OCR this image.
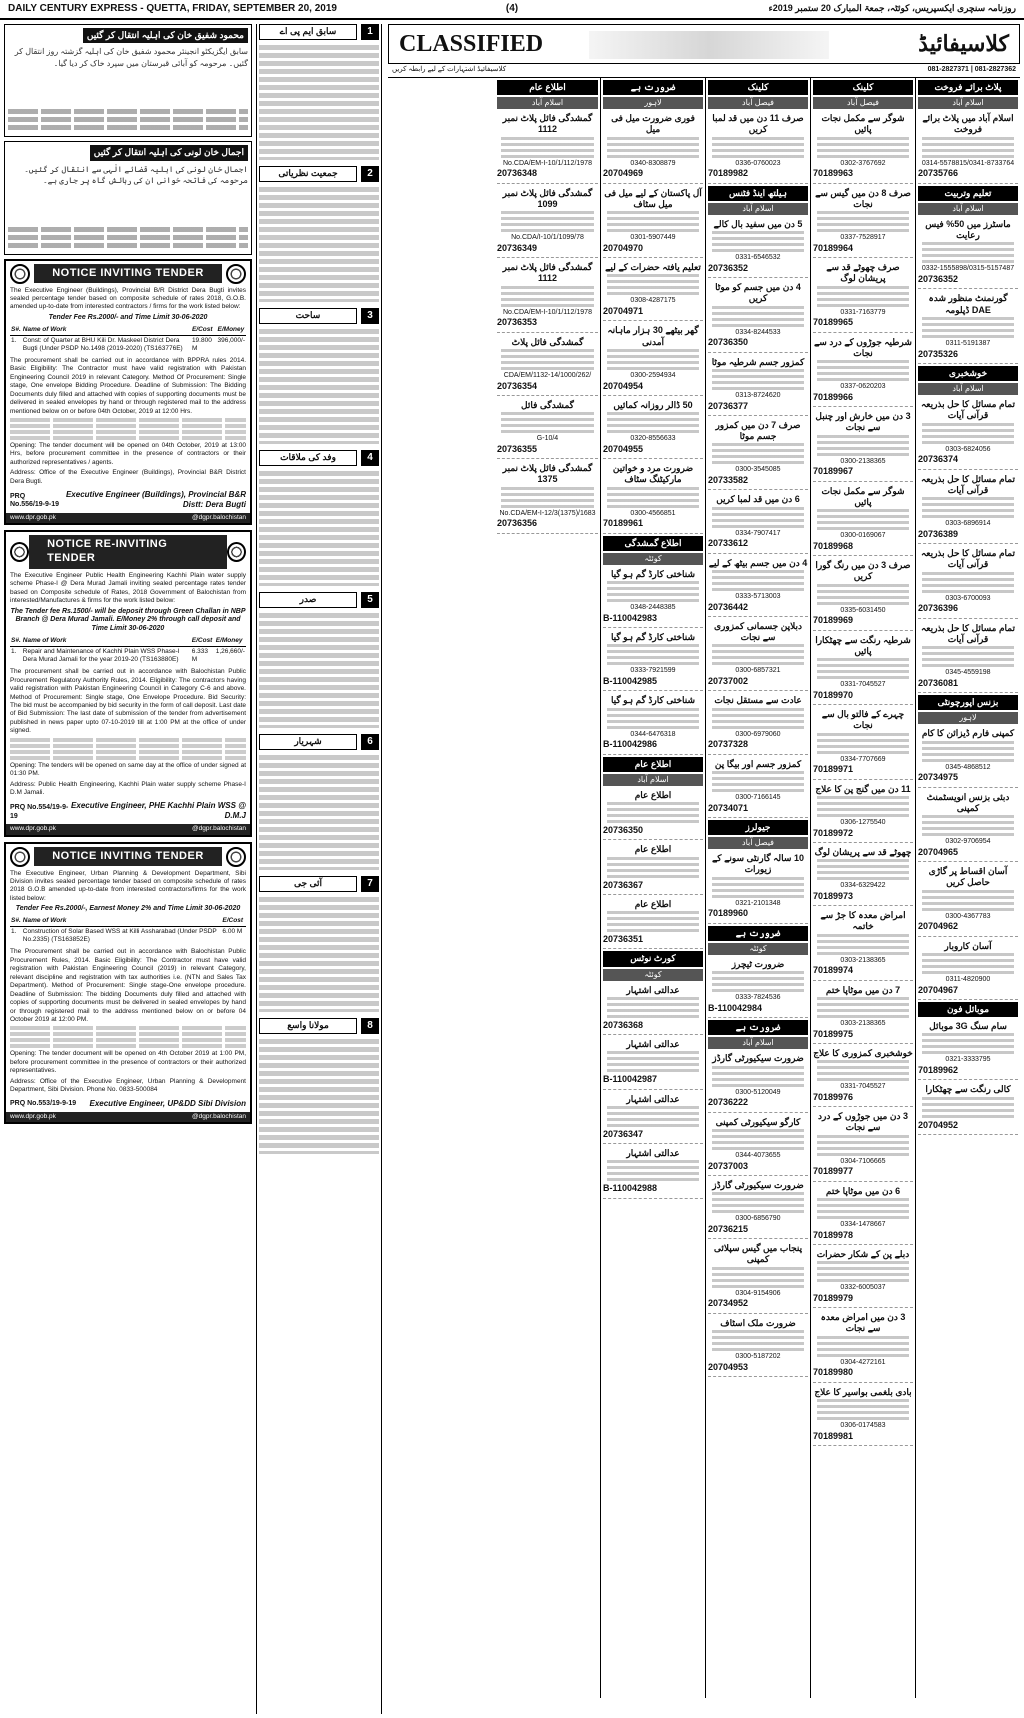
DAILY CENTURY EXPRESS - QUETTA, FRIDAY, SEPTEMBER 20, 2019	(4)	روزنامہ سنچری ایکسپریس، کوئٹہ، جمعۃ المبارک 20 ستمبر 2019ء
محمود شفیق خان کی اہلیہ انتقال کر گئیں
سابق ایگزیکٹو انجینئر محمود شفیق خان کی اہلیہ گزشتہ روز انتقال کر گئیں۔ مرحومہ کو آبائی قبرستان میں سپرد خاک کر دیا گیا۔
اجمال خان لونی کی اہلیہ انتقال کر گئیں
اجمال خان لونی کی اہلیہ قضائے الٰہی سے انتقال کر گئیں۔ مرحومہ کی فاتحہ خوانی ان کی رہائش گاہ پر جاری ہے۔
NOTICE INVITING TENDER

The Executive Engineer (Buildings), Provincial B/R District Dera Bugti invites sealed percentage tender based on composite schedule of rates 2018, G.O.B. amended up-to-date from interested contractors / firms for the work listed below:

Tender Fee Rs.2000/- and Time Limit 30-06-2020
S#.	Name of Work	E/Cost	E/Money
1.	Const: of Quarter at BHU Kili Dr. Maskeel District Dera Bugti (Under PSDP No.1498 (2019-2020) (TS163776E)	19.800 M	396,000/-

The procurement shall be carried out in accordance with BPPRA rules 2014. Basic Eligibility: The Contractor must have valid registration with Pakistan Engineering Council 2019 in relevant Category. Method Of Procurement: Single stage, One envelope Bidding Procedure. Deadline of Submission: The Bidding Documents duly filled and attached with copies of supporting documents must be delivered in sealed envelopes by hand or through registered mail to the address mentioned below on or before 04th October, 2019 at 12:00 Hrs.

Opening: The tender document will be opened on 04th October, 2019 at 13:00 Hrs, before procurement committee in the presence of contractors or their authorized representatives / agents.

Address: Office of the Executive Engineer (Buildings), Provincial B&R District Dera Bugti.

PRQ No.556/19-9-19
Executive Engineer (Buildings), Provincial B&R Distt: Dera Bugti
www.dpr.gob.pk	@dgpr.balochistan
NOTICE RE-INVITING TENDER

The Executive Engineer Public Health Engineering Kachhi Plain water supply scheme Phase-I @ Dera Murad Jamali inviting sealed percentage rates tender based on Composite schedule of Rates, 2018 Government of Balochistan from interested/Manufactures & firms for the work listed below:

The Tender fee Rs.1500/- will be deposit through Green Challan in NBP Branch @ Dera Murad Jamali. E/Money 2% through call deposit and Time Limit 30-06-2020
S#.	Name of Work	E/Cost	E/Money
1.	Repair and Maintenance of Kachhi Plain WSS Phase-I Dera Murad Jamali for the year 2019-20 (TS163880E)	6.333 M	1,26,660/-

The procurement shall be carried out in accordance with Balochistan Public Procurement Regulatory Authority Rules, 2014. Eligibility: The contractors having valid registration with Pakistan Engineering Council in Category C-6 and above. Method of Procurement: Single stage, One Envelope Procedure. Bid Security: The bid must be accompanied by bid security in the form of call deposit. Last date of Bid Submission: The last date of submission of the tender from advertisement published in news paper upto 07-10-2019 till at 1:00 PM at the office of under signed.

Opening: The tenders will be opened on same day at the office of under signed at 01:30 PM.

Address: Public Health Engineering, Kachhi Plain water supply scheme Phase-I D.M Jamali.

PRQ No.554/19-9-19
Executive Engineer, PHE Kachhi Plain WSS @ D.M.J
www.dpr.gob.pk	@dgpr.balochistan
NOTICE INVITING TENDER

The Executive Engineer, Urban Planning & Development Department, Sibi Division invites sealed percentage tender based on composite schedule of rates 2018 G.O.B amended up-to-date from interested contractors/firms for the work listed below:

Tender Fee Rs.2000/-, Earnest Money 2% and Time Limit 30-06-2020
S#.	Name of Work	E/Cost	
1.	Construction of Solar Based WSS at Killi Assharabad (Under PSDP No.2335) (TS163852E)	6.00 M	

The Procurement shall be carried out in accordance with Balochistan Public Procurement Rules, 2014. Basic Eligibility: The Contractor must have valid registration with Pakistan Engineering Council (2019) in relevant Category, relevant discipline and registration with tax authorities i.e. (NTN and Sales Tax Department). Method of Procurement: Single stage-One envelope procedure. Deadline of Submission: The bidding Documents duly filled and attached with copies of supporting documents must be delivered in sealed envelopes by hand or through registered mail to the address mentioned below on or before 04 October 2019 at 12:00 PM.

Opening: The tender document will be opened on 4th October 2019 at 1:00 PM, before procurement committee in the presence of contractors or their authorized representatives.

Address: Office of the Executive Engineer, Urban Planning & Development Department, Sibi Division. Phone No. 0833-500084

PRQ No.553/19-9-19 Executive Engineer, UP&DD Sibi Division
www.dpr.gob.pk	@dgpr.balochistan
1
سابق ایم پی اے
2
جمعیت نظریاتی
3
ساحت
4
وفد کی ملاقات
5
صدر
6
شہریار
7
آئی جی
8
مولانا واسع
CLASSIFIED	کلاسیفائیڈ
081-2827371 | 081-2827362
کلاسیفائیڈ اشتہارات کے لیے رابطہ کریں
پلاٹ برائے فروخت
اسلام آباد
اسلام آباد میں پلاٹ برائے فروخت
0314-5578815/0341-8733764
20735766
تعلیم وتربیت
اسلام آباد
ماسٹرز میں 50% فیس رعایت
0332-1555898/0315-5157487
20736352
گورنمنٹ منظور شدہ DAE ڈپلومہ
0311-5191387
20735326
خوشخبری
اسلام آباد
تمام مسائل کا حل بذریعہ قرآنی آیات
0303-6824056
20736374
تمام مسائل کا حل بذریعہ قرآنی آیات
0303-6896914
20736389
تمام مسائل کا حل بذریعہ قرآنی آیات
0303-6700093
20736396
تمام مسائل کا حل بذریعہ قرآنی آیات
0345-4559198
20736081
بزنس اپورچونٹی
لاہور
کمپنی فارم ڈیزائن کا کام
0345-4868512
20734975
دبئی بزنس انویسٹمنٹ کمپنی
0302-9706954
20704965
آسان اقساط پر گاڑی حاصل کریں
0300-4367783
20704962
آسان کاروبار
0311-4820900
20704967
موبائل فون
سام سنگ 3G موبائل
0321-3333795
70189962
کالی رنگت سے چھٹکارا
20704952
کلینک
فیصل آباد
شوگر سے مکمل نجات پائیں
0302-3767692
70189963
صرف 8 دن میں گیس سے نجات
0337-7528917
70189964
صرف چھوٹے قد سے پریشان لوگ
0331-7163779
70189965
شرطیہ جوڑوں کے درد سے نجات
0337-0620203
70189966
3 دن میں خارش اور چنبل سے نجات
0300-2138365
70189967
شوگر سے مکمل نجات پائیں
0300-0169067
70189968
صرف 3 دن میں رنگ گورا کریں
0335-6031450
70189969
شرطیہ رنگت سے چھٹکارا پائیں
0331-7045527
70189970
چہرے کے فالتو بال سے نجات
0334-7707669
70189971
11 دن میں گنج پن کا علاج
0306-1275540
70189972
چھوٹے قد سے پریشان لوگ
0334-6329422
70189973
امراض معدہ کا جڑ سے خاتمہ
0303-2138365
70189974
7 دن میں موٹاپا ختم
0303-2138365
70189975
خوشخبری کمزوری کا علاج
0331-7045527
70189976
3 دن میں جوڑوں کے درد سے نجات
0304-7106665
70189977
6 دن میں موٹاپا ختم
0334-1478667
70189978
دبلے پن کے شکار حضرات
0332-6005037
70189979
3 دن میں امراض معدہ سے نجات
0304-4272161
70189980
بادی بلغمی بواسیر کا علاج
0306-0174583
70189981
کلینک
فیصل آباد
صرف 11 دن میں قد لمبا کریں
0336-0760023
70189982
ہیلتھ اینڈ فٹنس
اسلام آباد
5 دن میں سفید بال کالے
0331-6546532
20736352
4 دن میں جسم کو موٹا کریں
0334-8244533
20736350
کمزور جسم شرطیہ موٹا
0313-8724620
20736377
صرف 7 دن میں کمزور جسم موٹا
0300-3545085
20733582
6 دن میں قد لمبا کریں
0334-7907417
20733612
4 دن میں جسم بیٹھ کے لیے
0333-5713003
20736442
دبلاپن جسمانی کمزوری سے نجات
0300-6857321
20737002
عادت سے مستقل نجات
0300-6979060
20737328
کمزور جسم اور بیگا پن
0300-7166145
20734071
جیولرز
فیصل آباد
10 سالہ گارنٹی سونے کے زیورات
0321-2101348
70189960
ضرورت ہے
کوئٹہ
ضرورت ٹیچرز
0333-7824536
B-110042984
ضرورت ہے
اسلام آباد
ضرورت سیکیورٹی گارڈز
0300-5120049
20736222
کارگو سیکیورٹی کمپنی
0344-4073655
20737003
ضرورت سیکیورٹی گارڈز
0300-6856790
20736215
پنجاب میں گیس سپلائی کمپنی
0304-9154906
20734952
ضرورت ملک اسٹاف
0300-5187202
20704953
ضرورت ہے
لاہور
فوری ضرورت میل فی میل
0340-8308879
20704969
آل پاکستان کے لیے میل فی میل سٹاف
0301-5907449
20704970
تعلیم یافتہ حضرات کے لیے
0308-4287175
20704971
گھر بیٹھے 30 ہزار ماہانہ آمدنی
0300-2594934
20704954
50 ڈالر روزانہ کمائیں
0320-8556633
20704955
ضرورت مرد و خواتین مارکیٹنگ سٹاف
0300-4566851
70189961
اطلاع گمشدگی
کوئٹہ
شناختی کارڈ گم ہو گیا
0348-2448385
B-110042983
شناختی کارڈ گم ہو گیا
0333-7921599
B-110042985
شناختی کارڈ گم ہو گیا
0344-6476318
B-110042986
اطلاع عام
اسلام آباد
اطلاع عام
20736350
اطلاع عام
20736367
اطلاع عام
20736351
کورٹ نوٹس
کوئٹہ
عدالتی اشتہار
20736368
عدالتی اشتہار
B-110042987
عدالتی اشتہار
20736347
عدالتی اشتہار
B-110042988
اطلاع عام
اسلام آباد
گمشدگی فائل پلاٹ نمبر 1112
No.CDA/EM-I-10/1/112/1978
20736348
گمشدگی فائل پلاٹ نمبر 1099
No.CDA/I-10/1/1099/78
20736349
گمشدگی فائل پلاٹ نمبر 1112
No.CDA/EM-I-10/1/112/1978
20736353
گمشدگی فائل پلاٹ
CDA/EM/1132-14/1000/262/
20736354
گمشدگی فائل
G-10/4
20736355
گمشدگی فائل پلاٹ نمبر 1375
No.CDA/EM-I-12/3(1375)/1683
20736356
